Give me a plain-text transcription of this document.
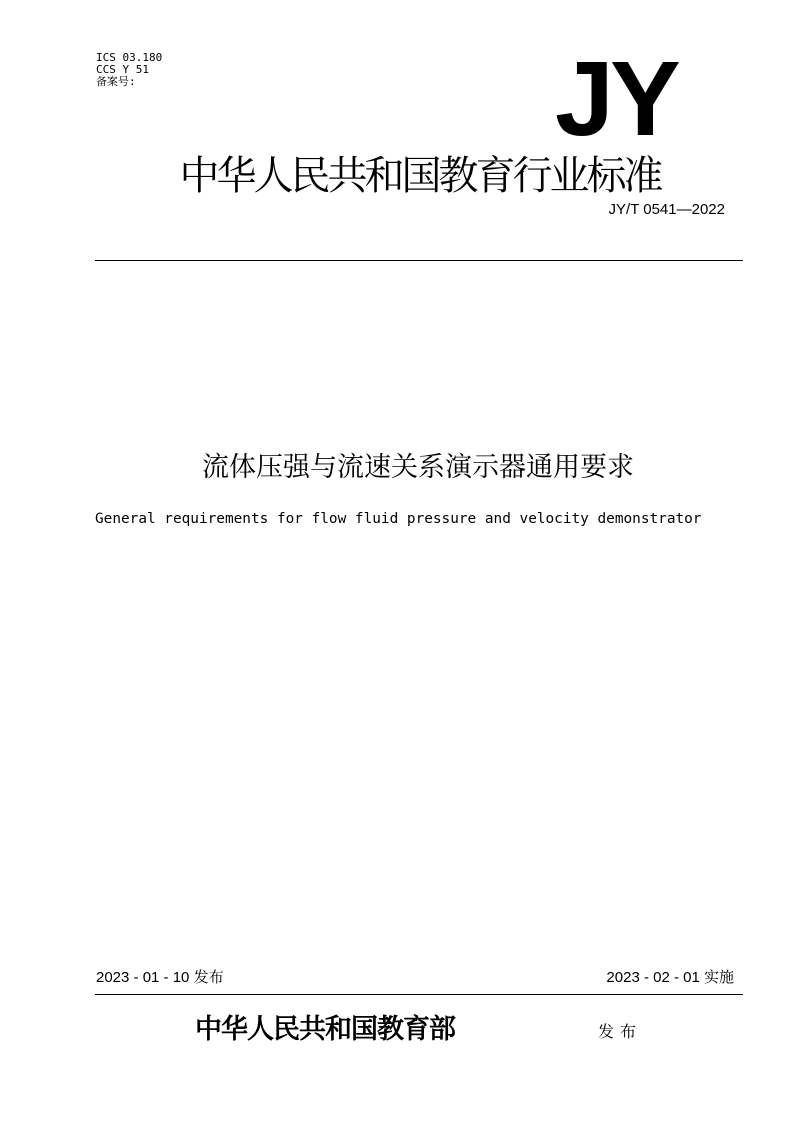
ICS 03.180
CCS Y 51
备案号:	JY
中华人民共和国教育行业标准
JY/T 0541—2022
流体压强与流速关系演示器通用要求
General requirements for flow fluid pressure and velocity demonstrator
2023 - 01 - 10 发布	2023 - 02 - 01 实施
中华人民共和国教育部	发布
